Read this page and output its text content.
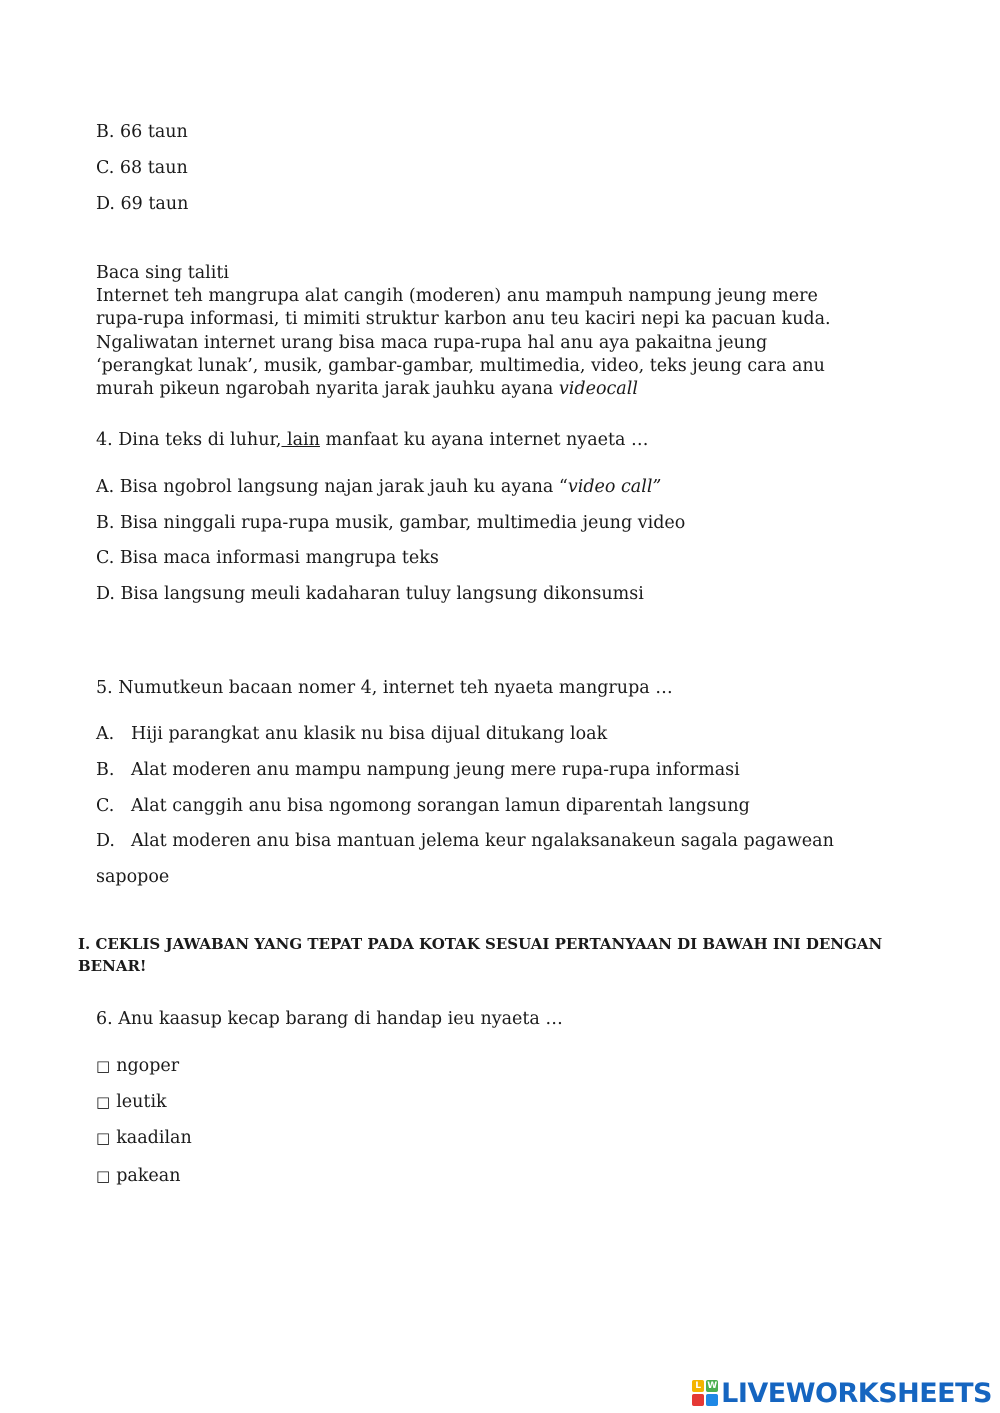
B. 66 taun
C. 68 taun
D. 69 taun

Baca sing taliti

Internet teh mangrupa alat cangih (moderen) anu mampuh nampung jeung mere rupa-rupa informasi, ti mimiti struktur karbon anu teu kaciri nepi ka pacuan kuda. Ngaliwatan internet urang bisa maca rupa-rupa hal anu aya pakaitna jeung ‘perangkat lunak’, musik, gambar-gambar, multimedia, video, teks jeung cara anu murah pikeun ngarobah nyarita jarak jauhku ayana videocall

4. Dina teks di luhur, lain manfaat ku ayana internet nyaeta …
A. Bisa ngobrol langsung najan jarak jauh ku ayana “video call”
B. Bisa ninggali rupa-rupa musik, gambar, multimedia jeung video
C. Bisa maca informasi mangrupa teks
D. Bisa langsung meuli kadaharan tuluy langsung dikonsumsi
5. Numutkeun bacaan nomer 4, internet teh nyaeta mangrupa …
A. Hiji parangkat anu klasik nu bisa dijual ditukang loak
B. Alat moderen anu mampu nampung jeung mere rupa-rupa informasi
C. Alat canggih anu bisa ngomong sorangan lamun diparentah langsung
D. Alat moderen anu bisa mantuan jelema keur ngalaksanakeun sagala pagawean
sapopoe
I. CEKLIS JAWABAN YANG TEPAT PADA KOTAK SESUAI PERTANYAAN DI BAWAH INI DENGAN BENAR!
6. Anu kaasup kecap barang di handap ieu nyaeta …
□ ngoper
□ leutik
□ kaadilan
□ pakean
L W LIVEWORKSHEETS
